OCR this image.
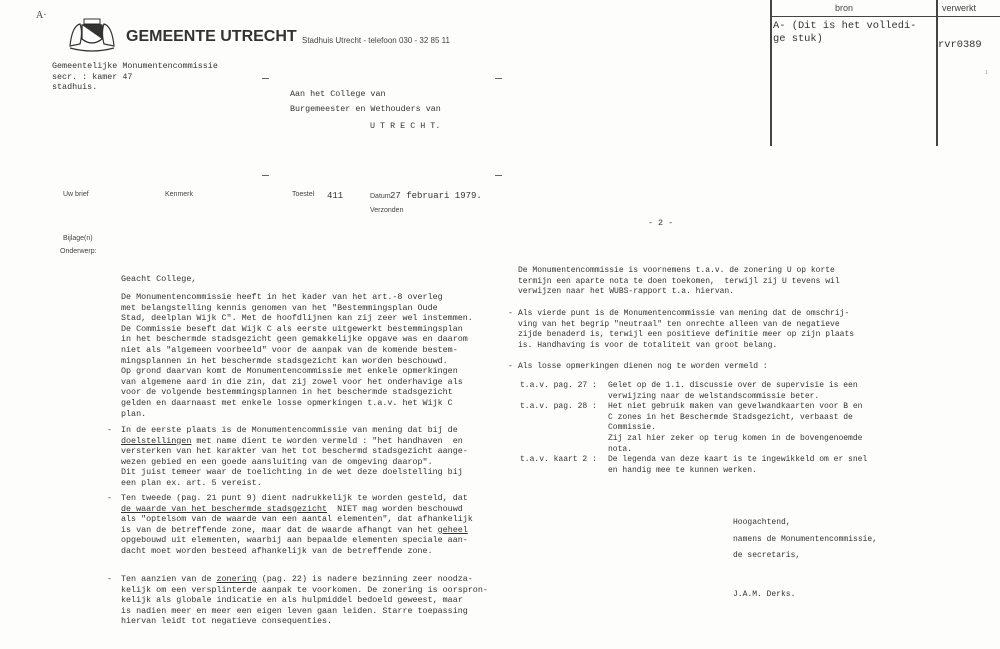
A·
GEMEENTE UTRECHT Stadhuis Utrecht - telefoon 030 - 32 85 11
bron	verwerkt
A- (Dit is het volledi-
ge stuk)	rvr0389
1
Gemeentelijke Monumentencommissie
secr. : kamer 47
stadhuis.
Aan het College van
Burgemeester en Wethouders van
U T R E C H T.
Uw brief	Kenmerk	Toestel 411	Datum 27 februari 1979.
Verzonden
Bijlage(n)
Onderwerp:
- 2 -
Geacht College,
De Monumentencommissie heeft in het kader van het art.-8 overleg
met belangstelling kennis genomen van het "Bestemmingsplan Oude
Stad, deelplan Wijk C". Met de hoofdlijnen kan zij zeer wel instemmen.
De Commissie beseft dat Wijk C als eerste uitgewerkt bestemmingsplan
in het beschermde stadsgezicht geen gemakkelijke opgave was en daarom
niet als "algemeen voorbeeld" voor de aanpak van de komende bestem-
mingsplannen in het beschermde stadsgezicht kan worden beschouwd.
Op grond daarvan komt de Monumentencommissie met enkele opmerkingen
van algemene aard in die zin, dat zij zowel voor het onderhavige als
voor de volgende bestemmingsplannen in het beschermde stadsgezicht
gelden en daarnaast met enkele losse opmerkingen t.a.v. het Wijk C
plan.
- In de eerste plaats is de Monumentencommissie van mening dat bij de
doelstellingen met name dient te worden vermeld : "het handhaven  en
versterken van het karakter van het tot beschermd stadsgezicht aange-
wezen gebied en een goede aansluiting van de omgeving daarop".
Dit juist temeer waar de toelichting in de wet deze doelstelling bij
een plan ex. art. 5 vereist.
- Ten tweede (pag. 21 punt 9) dient nadrukkelijk te worden gesteld, dat
de waarde van het beschermde stadsgezicht  NIET mag worden beschouwd
als "optelsom van de waarde van een aantal elementen", dat afhankelijk
is van de betreffende zone, maar dat de waarde afhangt van het geheel
opgebouwd uit elementen, waarbij aan bepaalde elementen speciale aan-
dacht moet worden besteed afhankelijk van de betreffende zone.
- Ten aanzien van de zonering (pag. 22) is nadere bezinning zeer noodza-
kelijk om een versplinterde aanpak te voorkomen. De zonering is oorspron-
kelijk als globale indicatie en als hulpmiddel bedoeld geweest, maar
is nadien meer en meer een eigen leven gaan leiden. Starre toepassing
hiervan leidt tot negatieve consequenties.
De Monumentencommissie is voornemens t.a.v. de zonering U op korte
termijn een aparte nota te doen toekomen,  terwijl zij U tevens wil
verwijzen naar het WUBS-rapport t.a. hiervan.
- Als vierde punt is de Monumentencommissie van mening dat de omschrij-
ving van het begrip "neutraal" ten onrechte alleen van de negatieve
zijde benaderd is, terwijl een positieve definitie meer op zijn plaats
is. Handhaving is voor de totaliteit van groot belang.
- Als losse opmerkingen dienen nog te worden vermeld :
t.a.v. pag. 27 : Gelet op de 1.1. discussie over de supervisie is een
verwijzing naar de welstandscommissie beter.
t.a.v. pag. 28 : Het niet gebruik maken van gevelwandkaarten voor B en
C zones in het Beschermde Stadsgezicht, verbaast de
Commissie.
Zij zal hier zeker op terug komen in de bovengenoemde
nota.
t.a.v. kaart 2 : De legenda van deze kaart is te ingewikkeld om er snel
en handig mee te kunnen werken.
Hoogachtend,
namens de Monumentencommissie,
de secretaris,
J.A.M. Derks.
